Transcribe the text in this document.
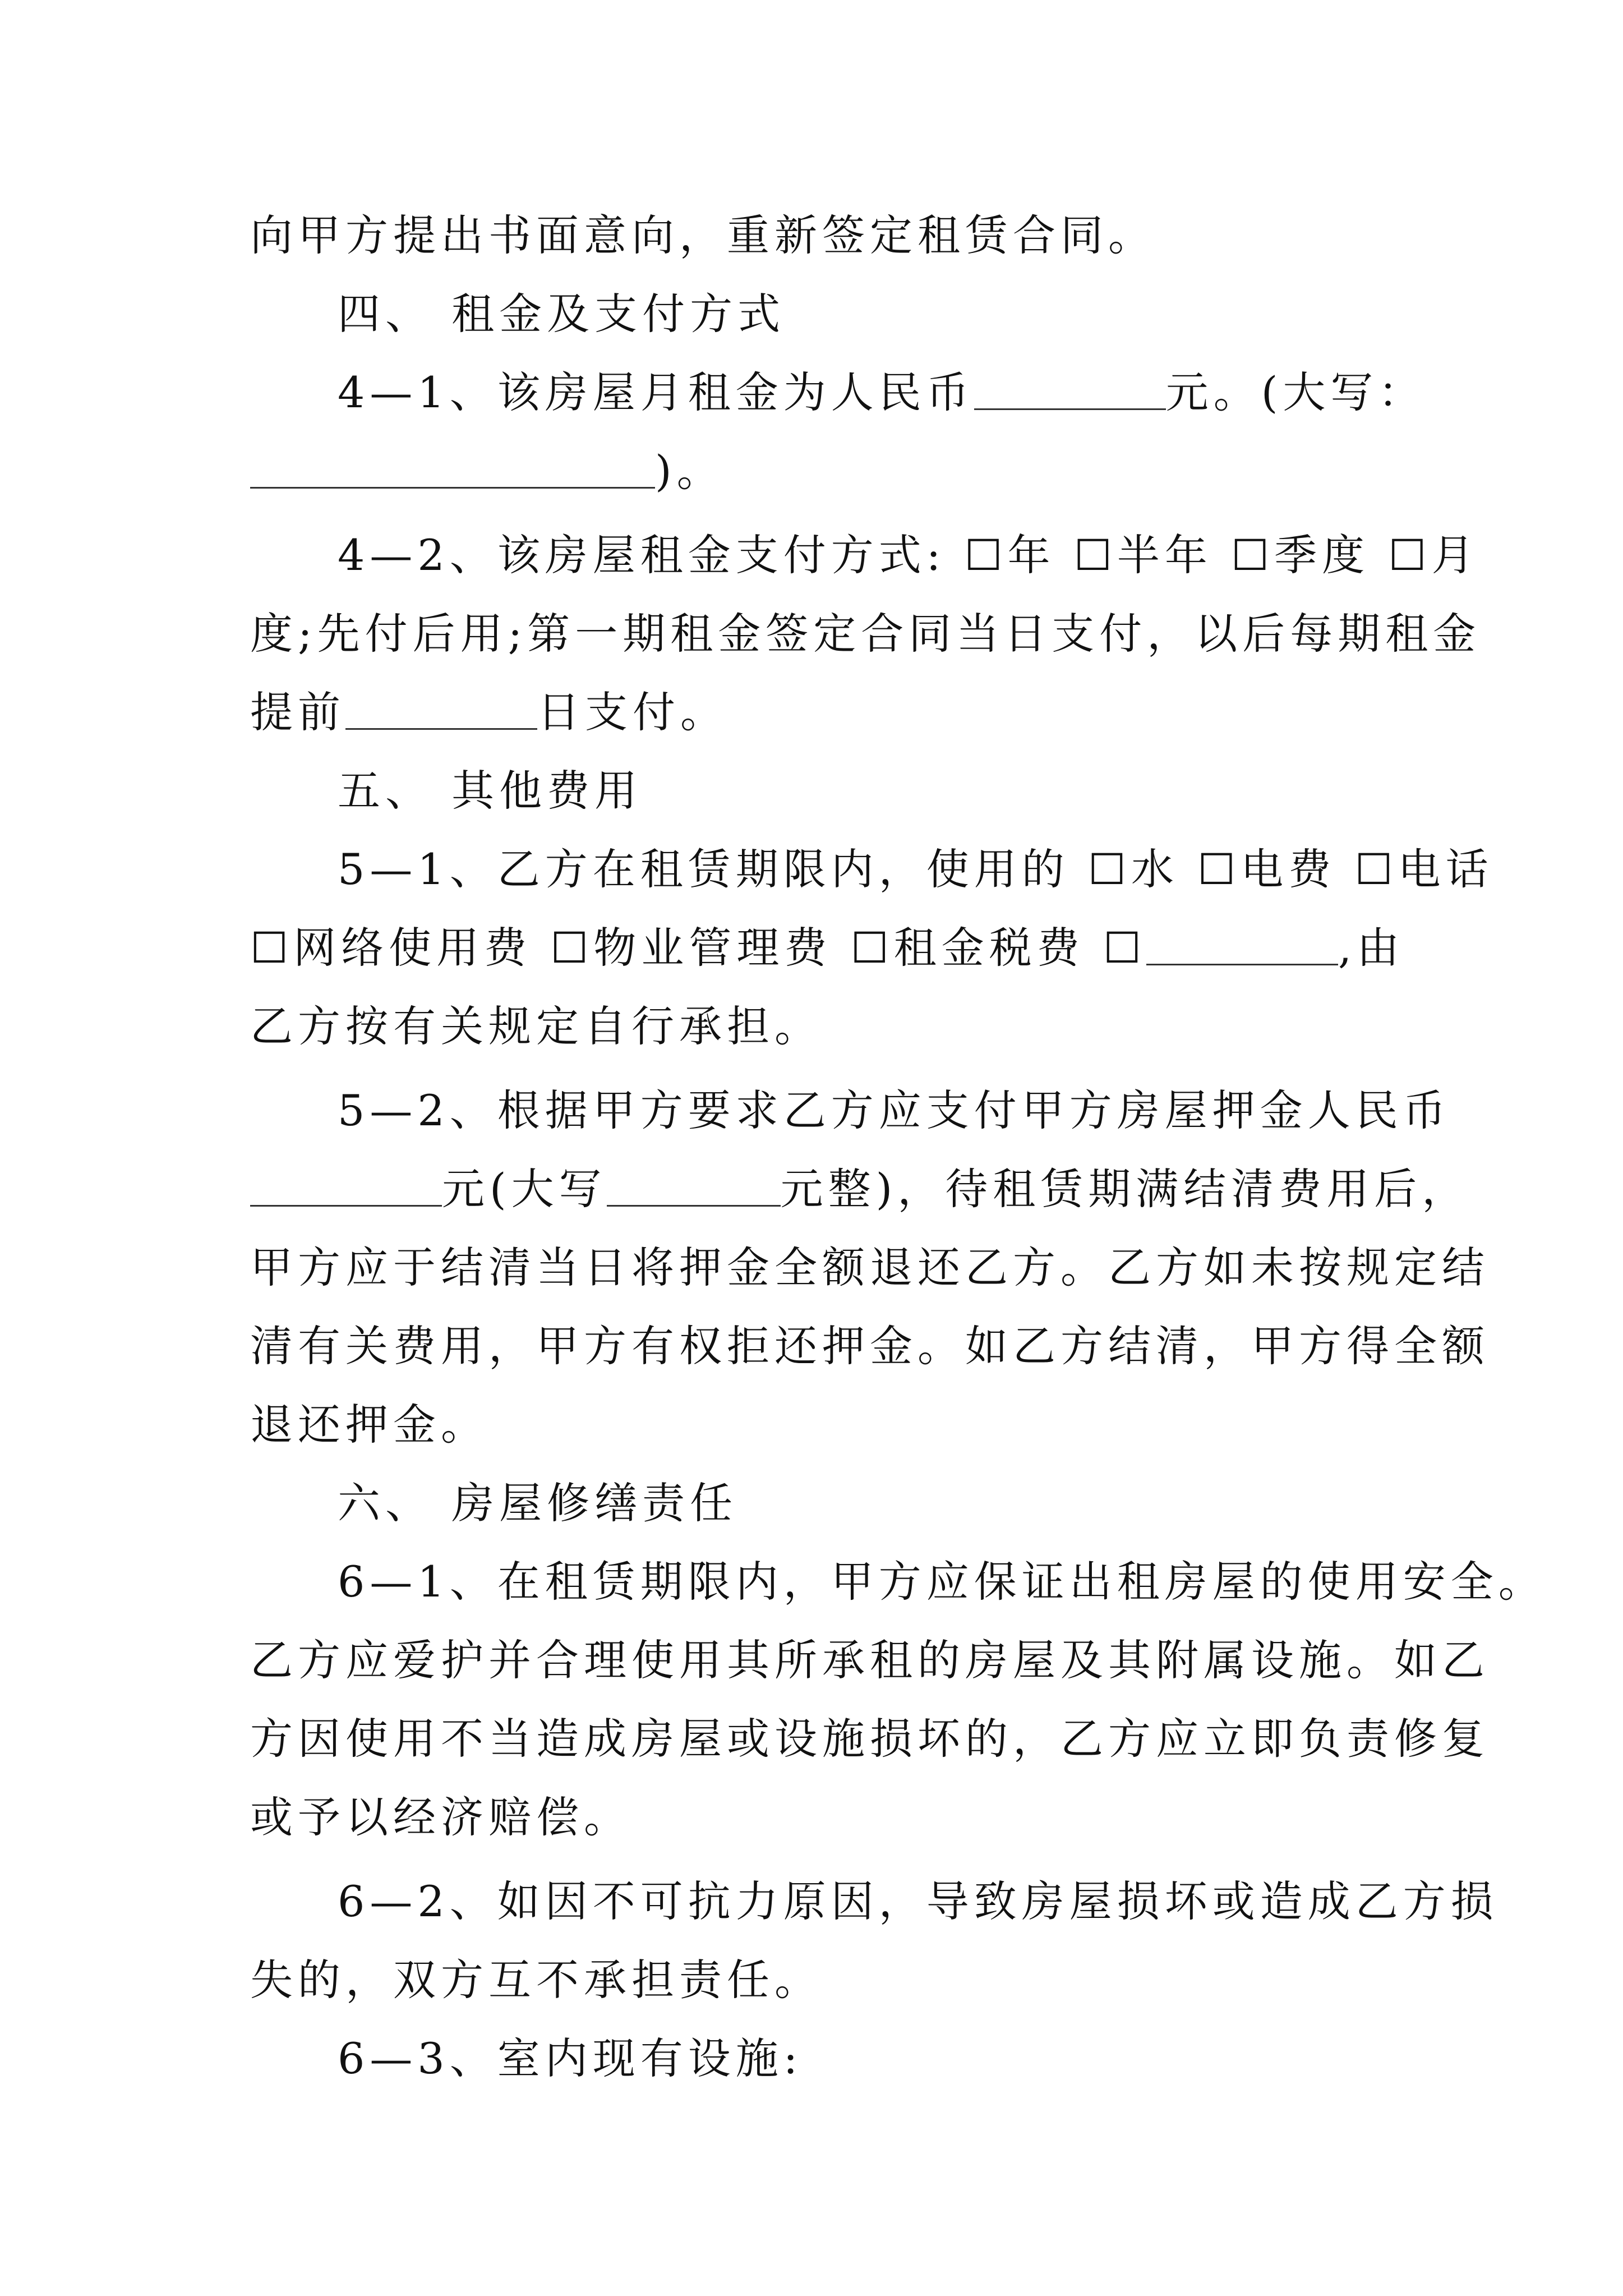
向甲方提出书面意向，重新签定租赁合同。
四、 租金及支付方式
4—1、该房屋月租金为人民币	元。(大写：
)。
4—2、该房屋租金支付方式: ☐年 ☐半年 ☐季度 ☐月
度;先付后用;第一期租金签定合同当日支付，以后每期租金
提前	日支付。
五、 其他费用
5—1、乙方在租赁期限内，使用的 ☐水 ☐电费 ☐电话
☐网络使用费 ☐物业管理费 ☐租金税费 ☐	,由
乙方按有关规定自行承担。
5—2、根据甲方要求乙方应支付甲方房屋押金人民币
元(大写	元整)，待租赁期满结清费用后，
甲方应于结清当日将押金全额退还乙方。乙方如未按规定结
清有关费用，甲方有权拒还押金。如乙方结清，甲方得全额
退还押金。
六、 房屋修缮责任
6—1、在租赁期限内，甲方应保证出租房屋的使用安全。
乙方应爱护并合理使用其所承租的房屋及其附属设施。如乙
方因使用不当造成房屋或设施损坏的，乙方应立即负责修复
或予以经济赔偿。
6—2、如因不可抗力原因，导致房屋损坏或造成乙方损
失的，双方互不承担责任。
6—3、室内现有设施:
